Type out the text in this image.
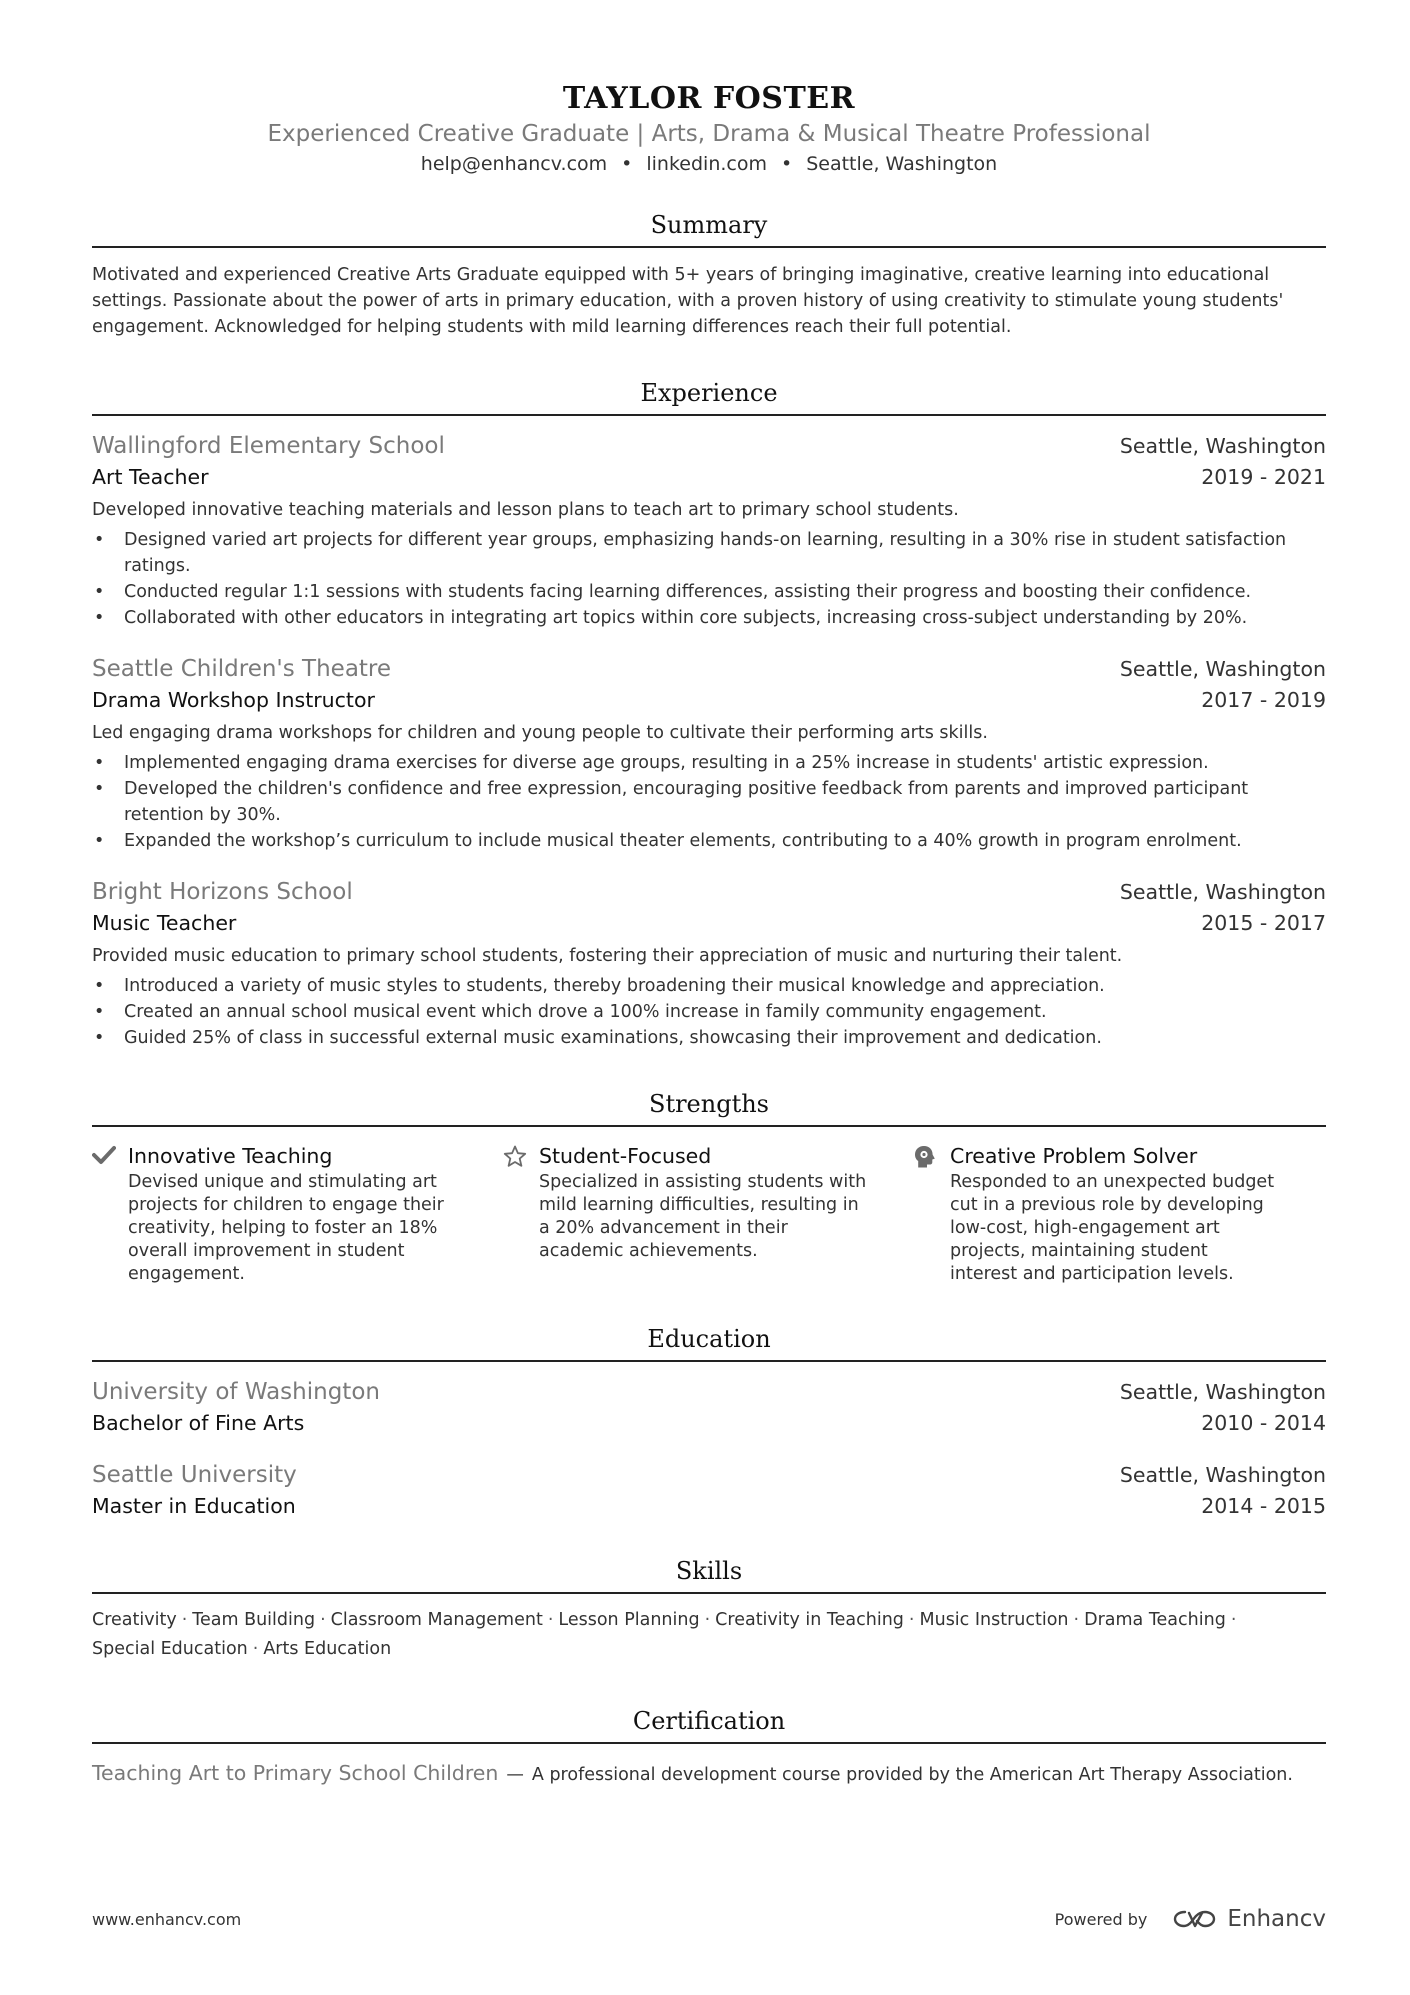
TAYLOR FOSTER
Experienced Creative Graduate | Arts, Drama & Musical Theatre Professional
help@enhancv.com • linkedin.com • Seattle, Washington
Summary
Motivated and experienced Creative Arts Graduate equipped with 5+ years of bringing imaginative, creative learning into educational settings. Passionate about the power of arts in primary education, with a proven history of using creativity to stimulate young students' engagement. Acknowledged for helping students with mild learning differences reach their full potential.
Experience
Wallingford Elementary School	Seattle, Washington
Art Teacher	2019 - 2021
Developed innovative teaching materials and lesson plans to teach art to primary school students.
• Designed varied art projects for different year groups, emphasizing hands-on learning, resulting in a 30% rise in student satisfaction ratings.
• Conducted regular 1:1 sessions with students facing learning differences, assisting their progress and boosting their confidence.
• Collaborated with other educators in integrating art topics within core subjects, increasing cross-subject understanding by 20%.
Seattle Children's Theatre	Seattle, Washington
Drama Workshop Instructor	2017 - 2019
Led engaging drama workshops for children and young people to cultivate their performing arts skills.
• Implemented engaging drama exercises for diverse age groups, resulting in a 25% increase in students' artistic expression.
• Developed the children's confidence and free expression, encouraging positive feedback from parents and improved participant retention by 30%.
• Expanded the workshop’s curriculum to include musical theater elements, contributing to a 40% growth in program enrolment.
Bright Horizons School	Seattle, Washington
Music Teacher	2015 - 2017
Provided music education to primary school students, fostering their appreciation of music and nurturing their talent.
• Introduced a variety of music styles to students, thereby broadening their musical knowledge and appreciation.
• Created an annual school musical event which drove a 100% increase in family community engagement.
• Guided 25% of class in successful external music examinations, showcasing their improvement and dedication.
Strengths
Innovative Teaching
Devised unique and stimulating art projects for children to engage their creativity, helping to foster an 18% overall improvement in student engagement.
Student-Focused
Specialized in assisting students with mild learning difficulties, resulting in a 20% advancement in their academic achievements.
Creative Problem Solver
Responded to an unexpected budget cut in a previous role by developing low-cost, high-engagement art projects, maintaining student interest and participation levels.
Education
University of Washington	Seattle, Washington
Bachelor of Fine Arts	2010 - 2014
Seattle University	Seattle, Washington
Master in Education	2014 - 2015
Skills
Creativity · Team Building · Classroom Management · Lesson Planning · Creativity in Teaching · Music Instruction · Drama Teaching ·
Special Education · Arts Education
Certification
Teaching Art to Primary School Children — A professional development course provided by the American Art Therapy Association.
www.enhancv.com	Powered by	Enhancv
